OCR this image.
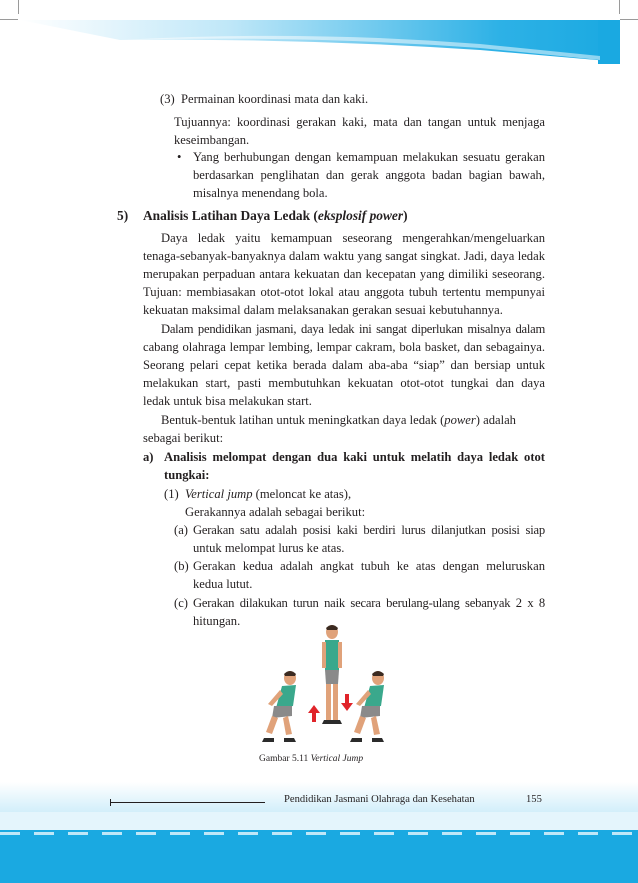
(3) Permainan koordinasi mata dan kaki.
Tujuannya: koordinasi gerakan kaki, mata dan tangan untuk menjaga
keseimbangan.
• Yang berhubungan dengan kemampuan melakukan sesuatu gerakan
berdasarkan penglihatan dan gerak anggota badan bagian bawah,
misalnya menendang bola.
5) Analisis Latihan Daya Ledak (eksplosif power)
Daya ledak yaitu kemampuan seseorang mengerahkan/mengeluarkan
tenaga-sebanyak-banyaknya dalam waktu yang sangat singkat. Jadi, daya ledak
merupakan perpaduan antara kekuatan dan kecepatan yang dimiliki seseorang.
Tujuan: membiasakan otot-otot lokal atau anggota tubuh tertentu mempunyai
kekuatan maksimal dalam melaksanakan gerakan sesuai kebutuhannya.
Dalam pendidikan jasmani, daya ledak ini sangat diperlukan misalnya dalam
cabang olahraga lempar lembing, lempar cakram, bola basket, dan sebagainya.
Seorang pelari cepat ketika berada dalam aba-aba “siap” dan bersiap untuk
melakukan start, pasti membutuhkan kekuatan otot-otot tungkai dan daya
ledak untuk bisa melakukan start.
Bentuk-bentuk latihan untuk meningkatkan daya ledak (power) adalah
sebagai berikut:
a) Analisis melompat dengan dua kaki untuk melatih daya ledak otot
tungkai:
(1) Vertical jump (meloncat ke atas),
Gerakannya adalah sebagai berikut:
(a) Gerakan satu adalah posisi kaki berdiri lurus dilanjutkan posisi siap
untuk melompat lurus ke atas.
(b) Gerakan kedua adalah angkat tubuh ke atas dengan meluruskan
kedua lutut.
(c) Gerakan dilakukan turun naik secara berulang-ulang sebanyak 2 x 8
hitungan.
Gambar 5.11 Vertical Jump
Pendidikan Jasmani Olahraga dan Kesehatan	155
